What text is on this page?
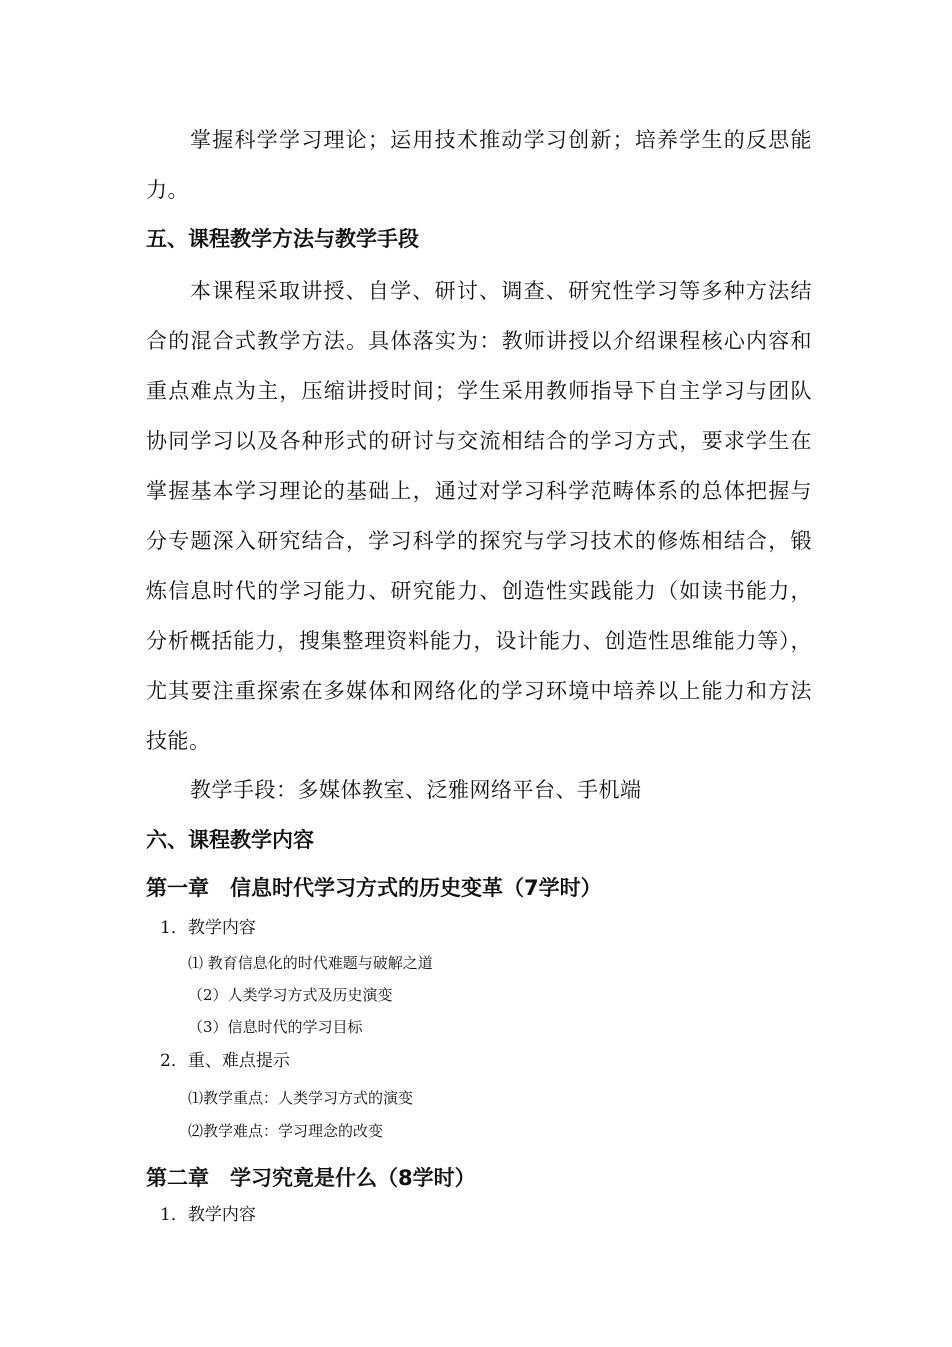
掌握科学学习理论；运用技术推动学习创新；培养学生的反思能力。

五、课程教学方法与教学手段

本课程采取讲授、自学、研讨、调查、研究性学习等多种方法结合的混合式教学方法。具体落实为：教师讲授以介绍课程核心内容和重点难点为主，压缩讲授时间；学生采用教师指导下自主学习与团队协同学习以及各种形式的研讨与交流相结合的学习方式，要求学生在掌握基本学习理论的基础上，通过对学习科学范畴体系的总体把握与分专题深入研究结合，学习科学的探究与学习技术的修炼相结合，锻炼信息时代的学习能力、研究能力、创造性实践能力（如读书能力，分析概括能力，搜集整理资料能力，设计能力、创造性思维能力等），尤其要注重探索在多媒体和网络化的学习环境中培养以上能力和方法技能。

教学手段：多媒体教室、泛雅网络平台、手机端

六、课程教学内容
第一章　信息时代学习方式的历史变革（7学时）

1．教学内容

⑴ 教育信息化的时代难题与破解之道

（2）人类学习方式及历史演变

（3）信息时代的学习目标

2．重、难点提示

⑴教学重点：人类学习方式的演变

⑵教学难点：学习理念的改变

第二章　学习究竟是什么（8学时）

1．教学内容
